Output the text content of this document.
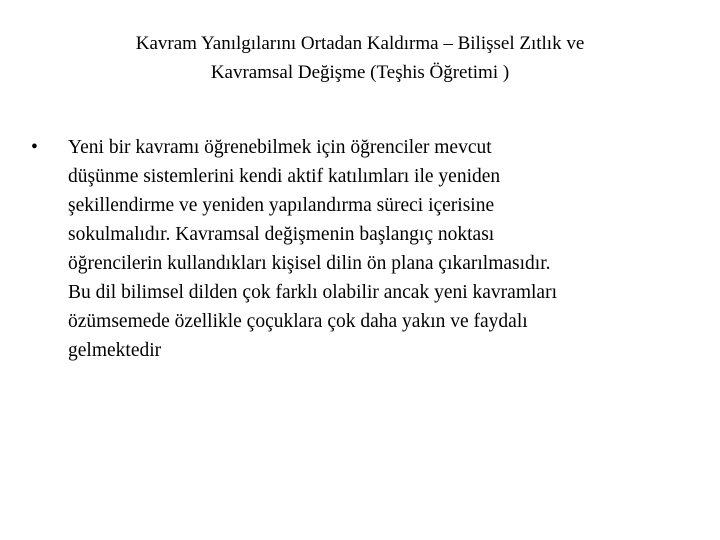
Kavram Yanılgılarını Ortadan Kaldırma – Bilişsel Zıtlık ve
Kavramsal Değişme (Teşhis Öğretimi )
• Yeni bir kavramı öğrenebilmek için öğrenciler mevcut
düşünme sistemlerini kendi aktif katılımları ile yeniden
şekillendirme ve yeniden yapılandırma süreci içerisine
sokulmalıdır. Kavramsal değişmenin başlangıç noktası
öğrencilerin kullandıkları kişisel dilin ön plana çıkarılmasıdır.
Bu dil bilimsel dilden çok farklı olabilir ancak yeni kavramları
özümsemede özellikle çoçuklara çok daha yakın ve faydalı
gelmektedir
